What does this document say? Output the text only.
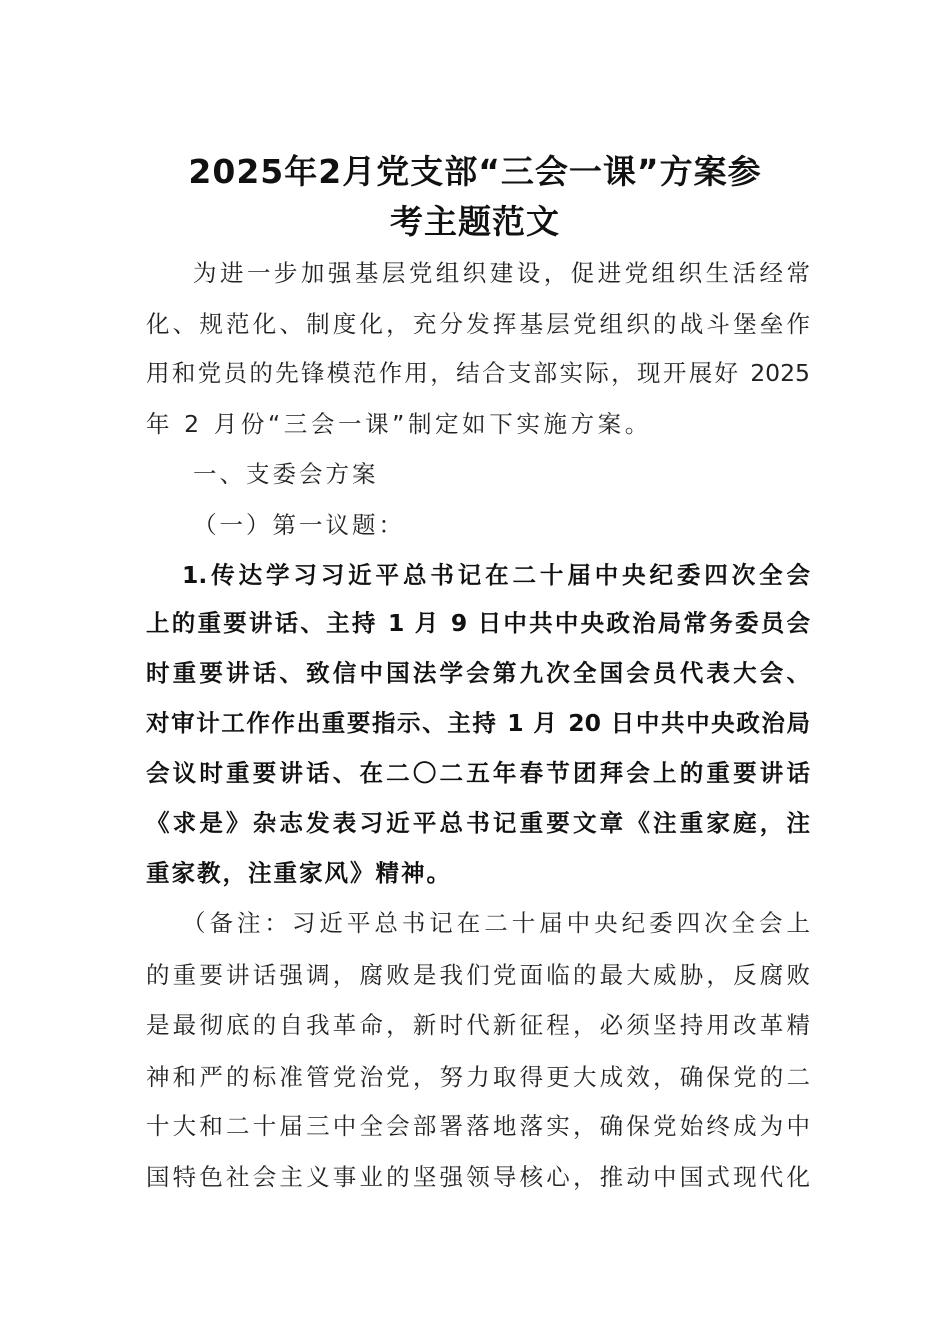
2025年2月党支部“三会一课”方案参
考主题范文

为进一步加强基层党组织建设，促进党组织生活经常

化、规范化、制度化，充分发挥基层党组织的战斗堡垒作

用和党员的先锋模范作用，结合支部实际，现开展好 2025

年 2 月份“三会一课”制定如下实施方案。

一、支委会方案

（一）第一议题：

1.传达学习习近平总书记在二十届中央纪委四次全会

上的重要讲话、主持 1 月 9 日中共中央政治局常务委员会

时重要讲话、致信中国法学会第九次全国会员代表大会、

对审计工作作出重要指示、主持 1 月 20 日中共中央政治局

会议时重要讲话、在二〇二五年春节团拜会上的重要讲话

《求是》杂志发表习近平总书记重要文章《注重家庭，注

重家教，注重家风》精神。

（备注：习近平总书记在二十届中央纪委四次全会上

的重要讲话强调，腐败是我们党面临的最大威胁，反腐败

是最彻底的自我革命，新时代新征程，必须坚持用改革精

神和严的标准管党治党，努力取得更大成效，确保党的二

十大和二十届三中全会部署落地落实，确保党始终成为中

国特色社会主义事业的坚强领导核心，推动中国式现代化
